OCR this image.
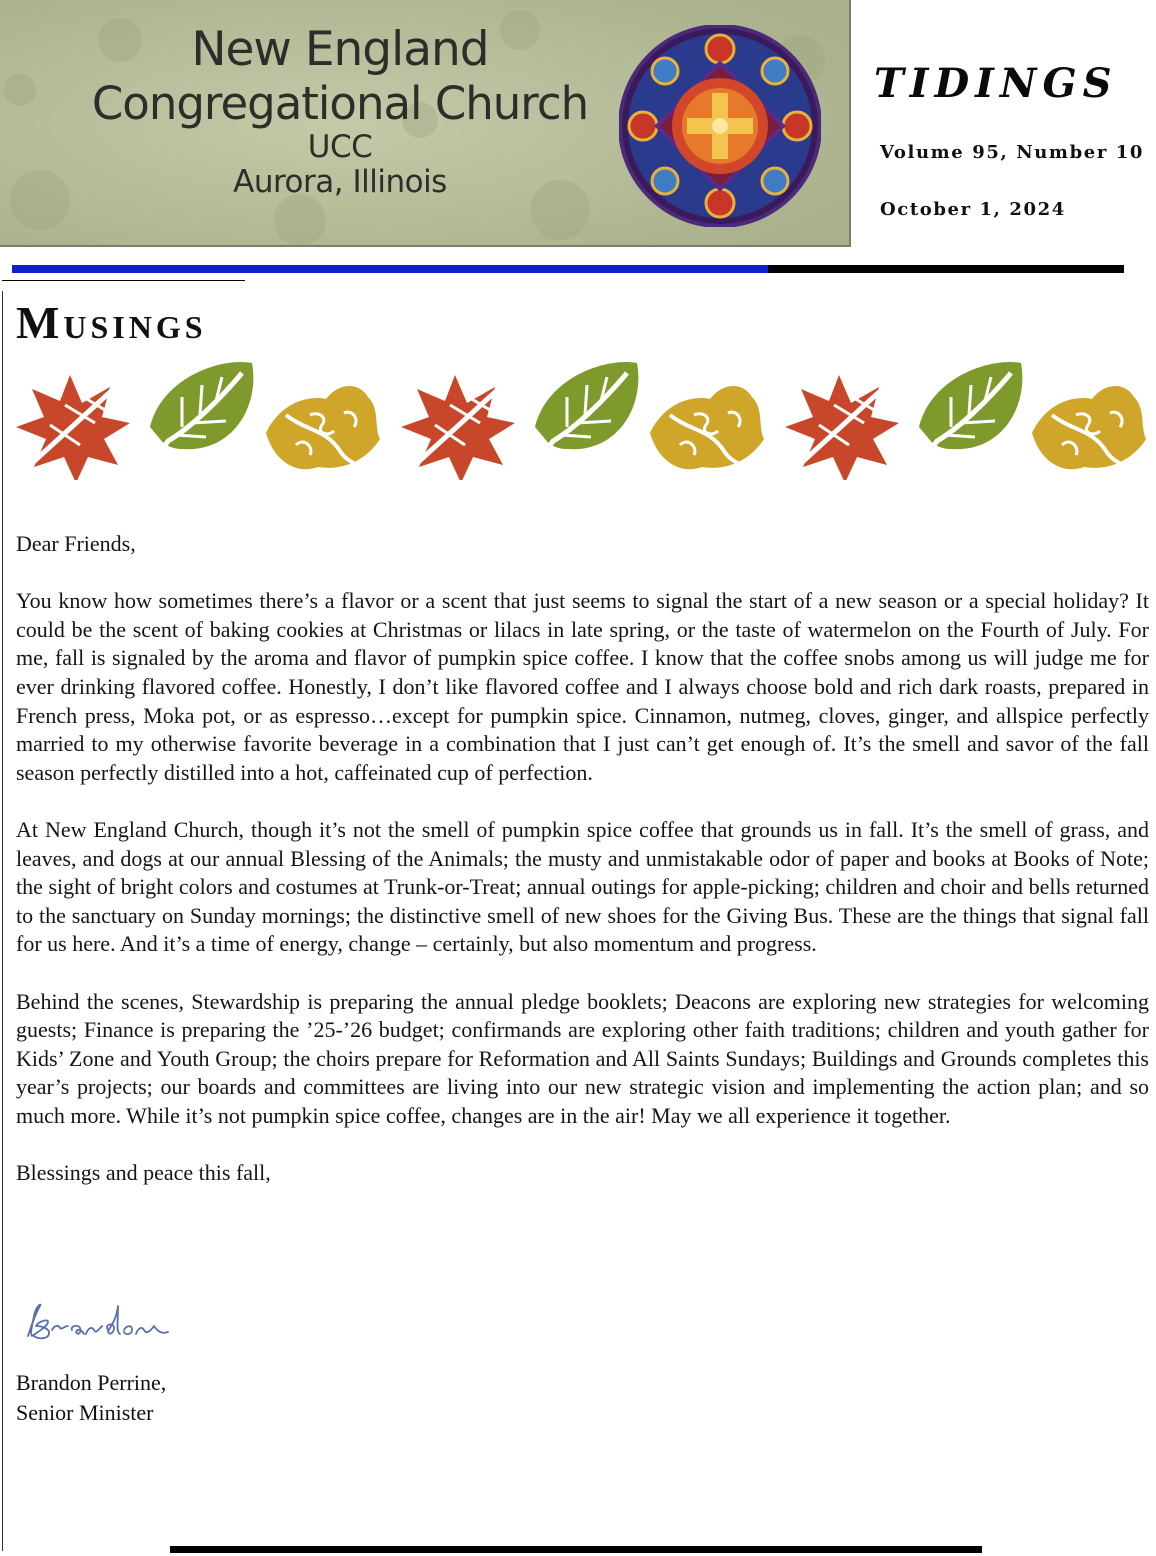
New England
Congregational Church
UCC
Aurora, Illinois
TIDINGS
Volume 95, Number 10
October 1, 2024
Musings

Dear Friends,

You know how sometimes there’s a flavor or a scent that just seems to signal the start of a new season or a special holiday? It could be the scent of baking cookies at Christmas or lilacs in late spring, or the taste of watermelon on the Fourth of July. For me, fall is signaled by the aroma and flavor of pumpkin spice coffee. I know that the coffee snobs among us will judge me for ever drinking flavored coffee. Honestly, I don’t like flavored coffee and I always choose bold and rich dark roasts, prepared in French press, Moka pot, or as espresso…except for pumpkin spice. Cinnamon, nutmeg, cloves, ginger, and allspice perfectly married to my otherwise favorite beverage in a combination that I just can’t get enough of. It’s the smell and savor of the fall season perfectly distilled into a hot, caffeinated cup of perfection.

At New England Church, though it’s not the smell of pumpkin spice coffee that grounds us in fall. It’s the smell of grass, and leaves, and dogs at our annual Blessing of the Animals; the musty and unmistakable odor of paper and books at Books of Note; the sight of bright colors and costumes at Trunk-or-Treat; annual outings for apple-picking; children and choir and bells returned to the sanctuary on Sunday mornings; the distinctive smell of new shoes for the Giving Bus. These are the things that signal fall for us here. And it’s a time of energy, change – certainly, but also momentum and progress.

Behind the scenes, Stewardship is preparing the annual pledge booklets; Deacons are exploring new strategies for welcoming guests; Finance is preparing the ’25-’26 budget; confirmands are exploring other faith traditions; children and youth gather for Kids’ Zone and Youth Group; the choirs prepare for Reformation and All Saints Sundays; Buildings and Grounds completes this year’s projects; our boards and committees are living into our new strategic vision and implementing the action plan; and so much more. While it’s not pumpkin spice coffee, changes are in the air! May we all experience it together.

Blessings and peace this fall,

Brandon Perrine,
Senior Minister
